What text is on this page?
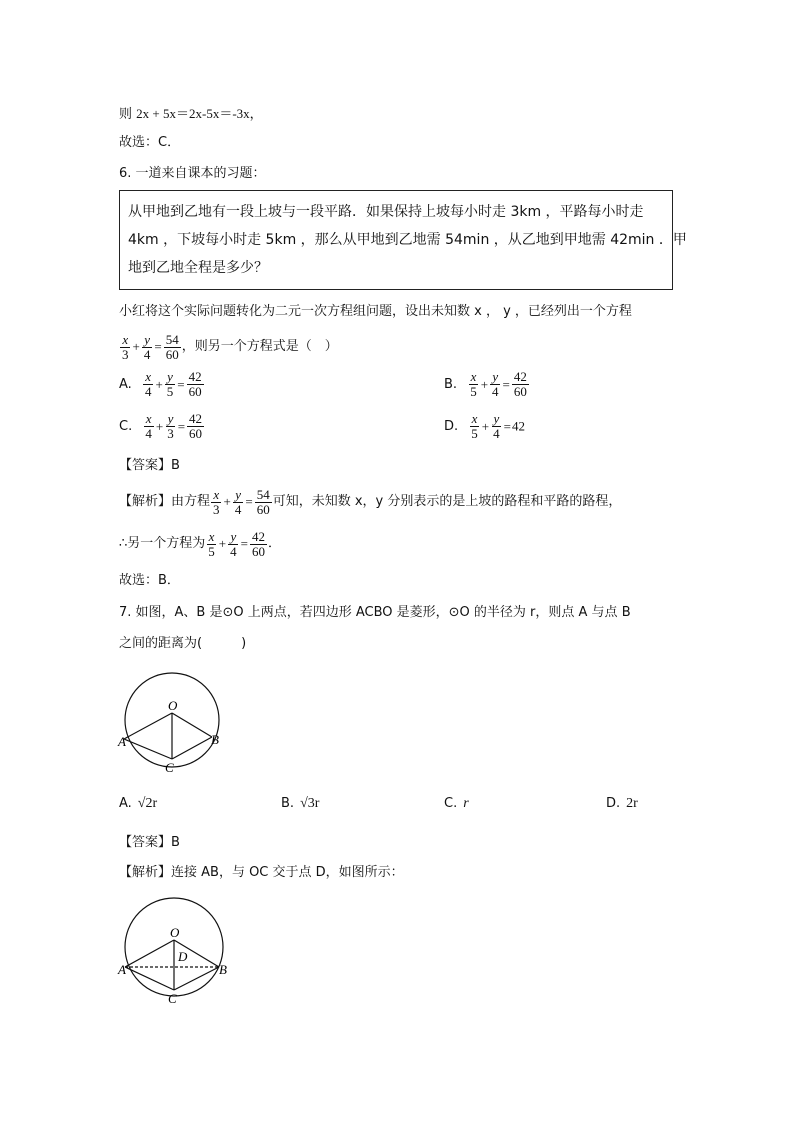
则 2x + 5x＝2x-5x＝-3x，
故选：C．
6. 一道来自课本的习题：
从甲地到乙地有一段上坡与一段平路．如果保持上坡每小时走 3km ，平路每小时走
4km ，下坡每小时走 5km ，那么从甲地到乙地需 54min ，从乙地到甲地需 42min ．甲
地到乙地全程是多少？
小红将这个实际问题转化为二元一次方程组问题，设出未知数 x ， y ，已经列出一个方程
$\frac{x}{3} + \frac{y}{4} = \frac{54}{60}$ ，则另一个方程式是（　）
A. $\frac{x}{4} + \frac{y}{5} = \frac{42}{60}$	B. $\frac{x}{5} + \frac{y}{4} = \frac{42}{60}$
C. $\frac{x}{4} + \frac{y}{3} = \frac{42}{60}$	D. $\frac{x}{5} + \frac{y}{4} =42$
【答案】B
【解析】由方程 $\frac{x}{3} + \frac{y}{4} = \frac{54}{60}$ 可知，未知数 x，y 分别表示的是上坡的路程和平路的路程，
∴另一个方程为 $\frac{x}{5} + \frac{y}{4} = \frac{42}{60}$ ．
故选：B．
7. 如图，A、B 是⊙O 上两点，若四边形 ACBO 是菱形，⊙O 的半径为 r，则点 A 与点 B
之间的距离为(　　　)
O
A	B
C
A. √2r	B. √3r	C. r	D. 2r
【答案】B
【解析】连接 AB，与 OC 交于点 D，如图所示：
O
D
A	B
C
